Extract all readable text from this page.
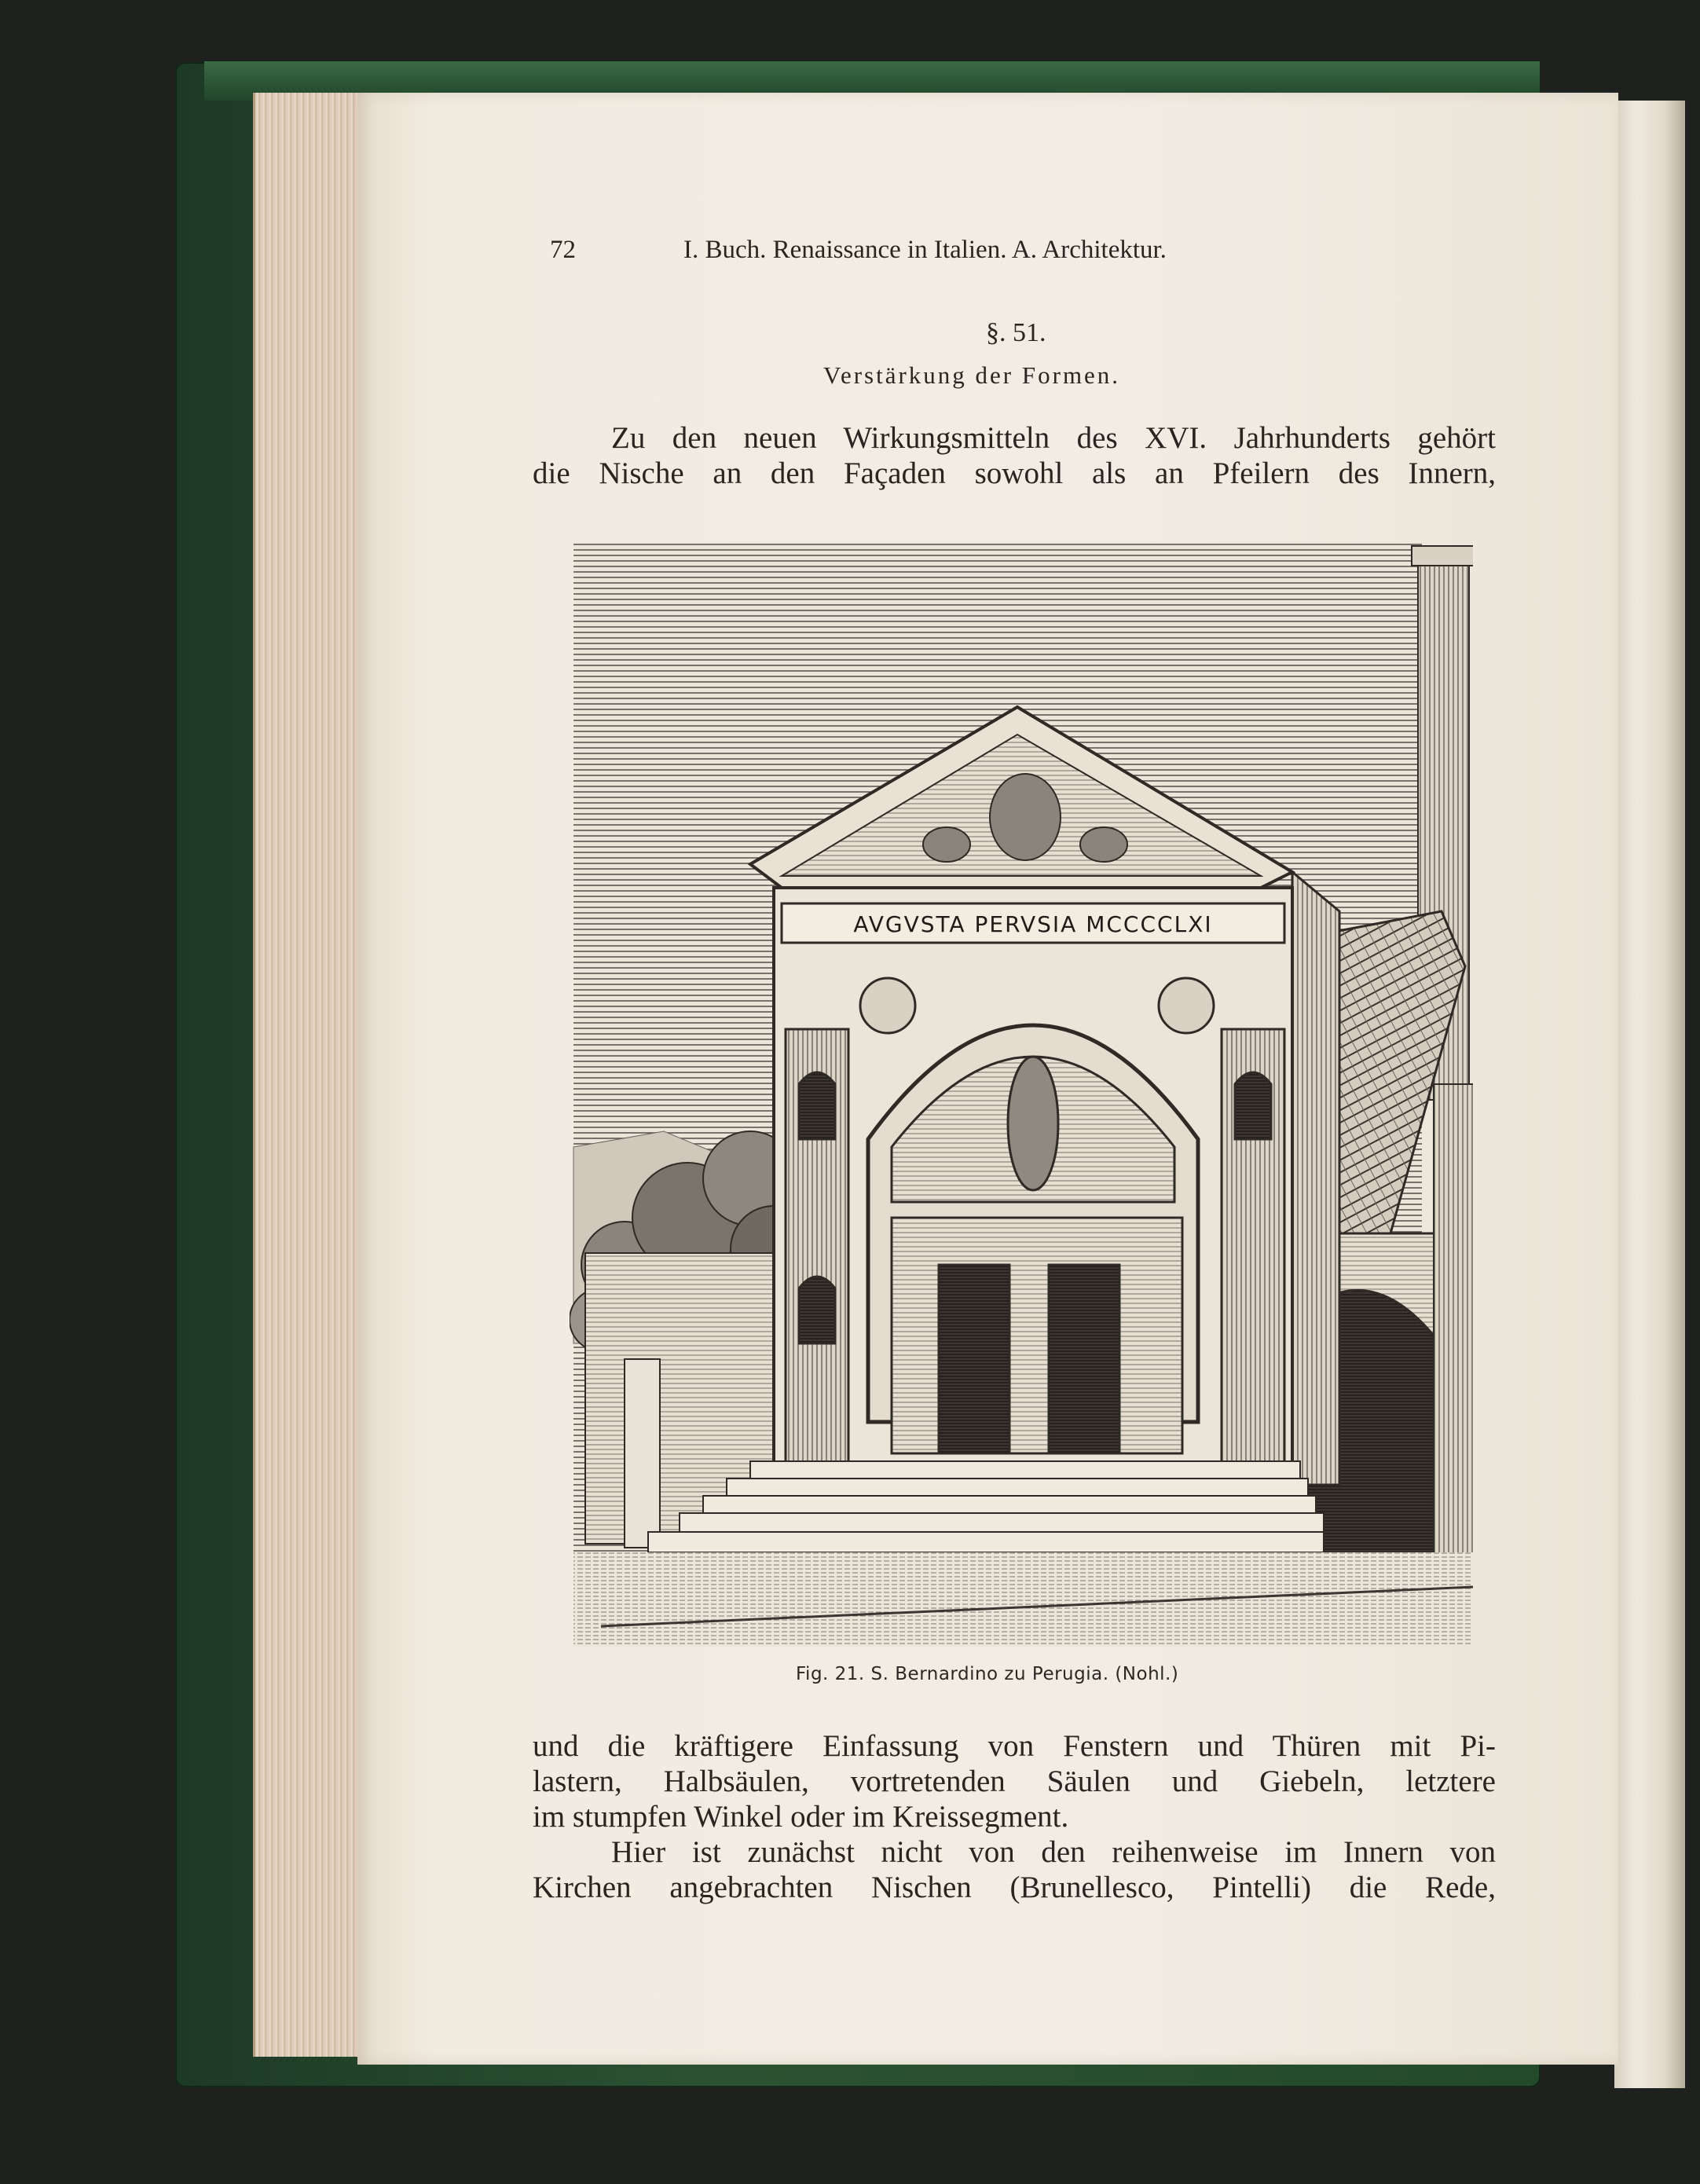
72	I. Buch. Renaissance in Italien. A. Architektur.
§. 51.
Verstärkung der Formen.
Zu den neuen Wirkungsmitteln des XVI. Jahrhunderts gehört
die Nische an den Façaden sowohl als an Pfeilern des Innern,
AVGVSTA PERVSIA MCCCCLXI
Fig. 21. S. Bernardino zu Perugia. (Nohl.)
und die kräftigere Einfassung von Fenstern und Thüren mit Pi-
lastern, Halbsäulen, vortretenden Säulen und Giebeln, letztere
im stumpfen Winkel oder im Kreissegment.
Hier ist zunächst nicht von den reihenweise im Innern von
Kirchen angebrachten Nischen (Brunellesco, Pintelli) die Rede,
